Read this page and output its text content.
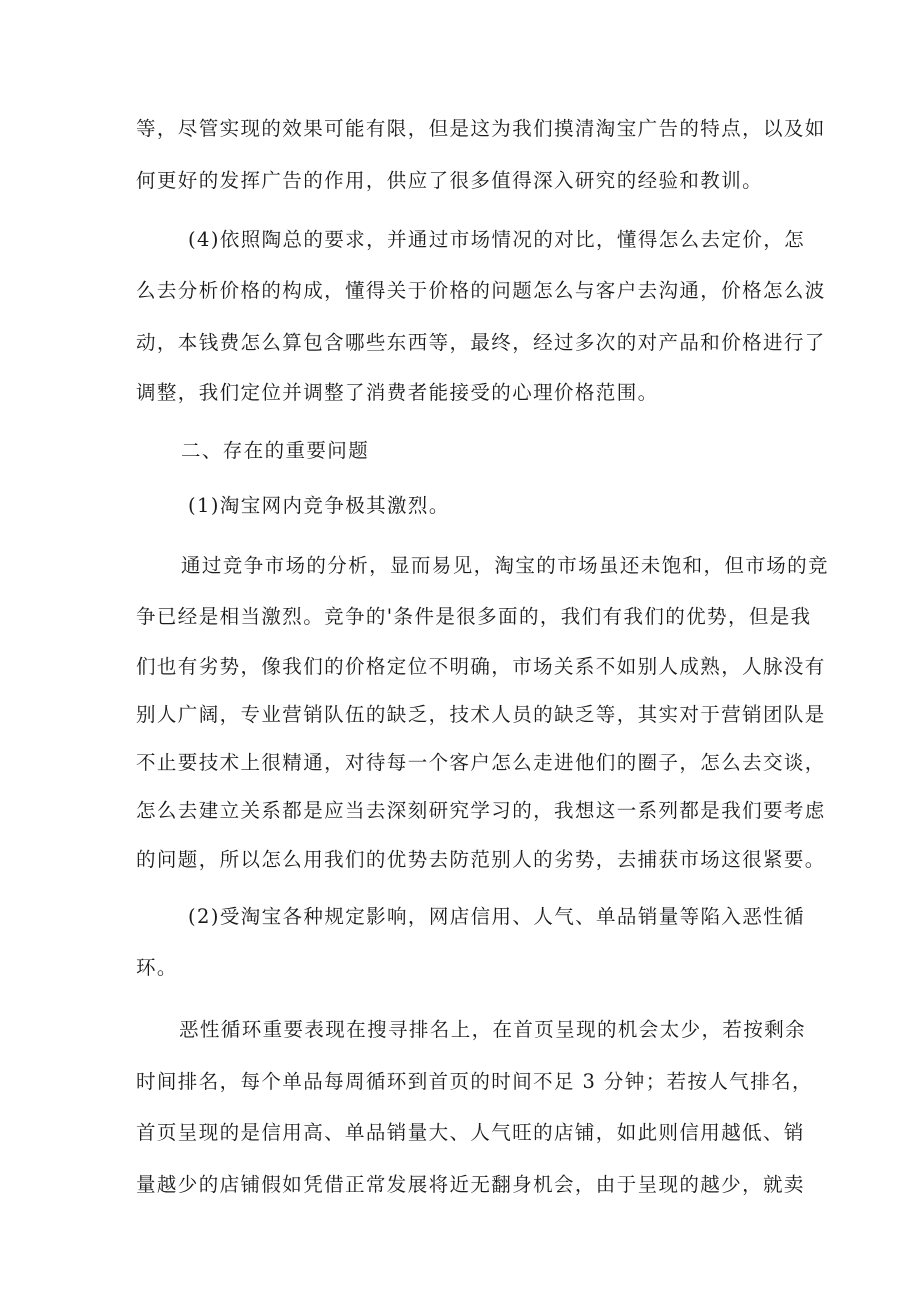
等，尽管实现的效果可能有限，但是这为我们摸清淘宝广告的特点，以及如
何更好的发挥广告的作用，供应了很多值得深入研究的经验和教训。
(4)依照陶总的要求，并通过市场情况的对比，懂得怎么去定价，怎
么去分析价格的构成，懂得关于价格的问题怎么与客户去沟通，价格怎么波
动，本钱费怎么算包含哪些东西等，最终，经过多次的对产品和价格进行了
调整，我们定位并调整了消费者能接受的心理价格范围。
二、存在的重要问题
(1)淘宝网内竞争极其激烈。
通过竞争市场的分析，显而易见，淘宝的市场虽还未饱和，但市场的竞
争已经是相当激烈。竞争的'条件是很多面的，我们有我们的优势，但是我
们也有劣势，像我们的价格定位不明确，市场关系不如别人成熟，人脉没有
别人广阔，专业营销队伍的缺乏，技术人员的缺乏等，其实对于营销团队是
不止要技术上很精通，对待每一个客户怎么走进他们的圈子，怎么去交谈，
怎么去建立关系都是应当去深刻研究学习的，我想这一系列都是我们要考虑
的问题，所以怎么用我们的优势去防范别人的劣势，去捕获市场这很紧要。
(2)受淘宝各种规定影响，网店信用、人气、单品销量等陷入恶性循
环。
恶性循环重要表现在搜寻排名上，在首页呈现的机会太少，若按剩余
时间排名，每个单品每周循环到首页的时间不足 3 分钟；若按人气排名，
首页呈现的是信用高、单品销量大、人气旺的店铺，如此则信用越低、销
量越少的店铺假如凭借正常发展将近无翻身机会，由于呈现的越少，就卖
